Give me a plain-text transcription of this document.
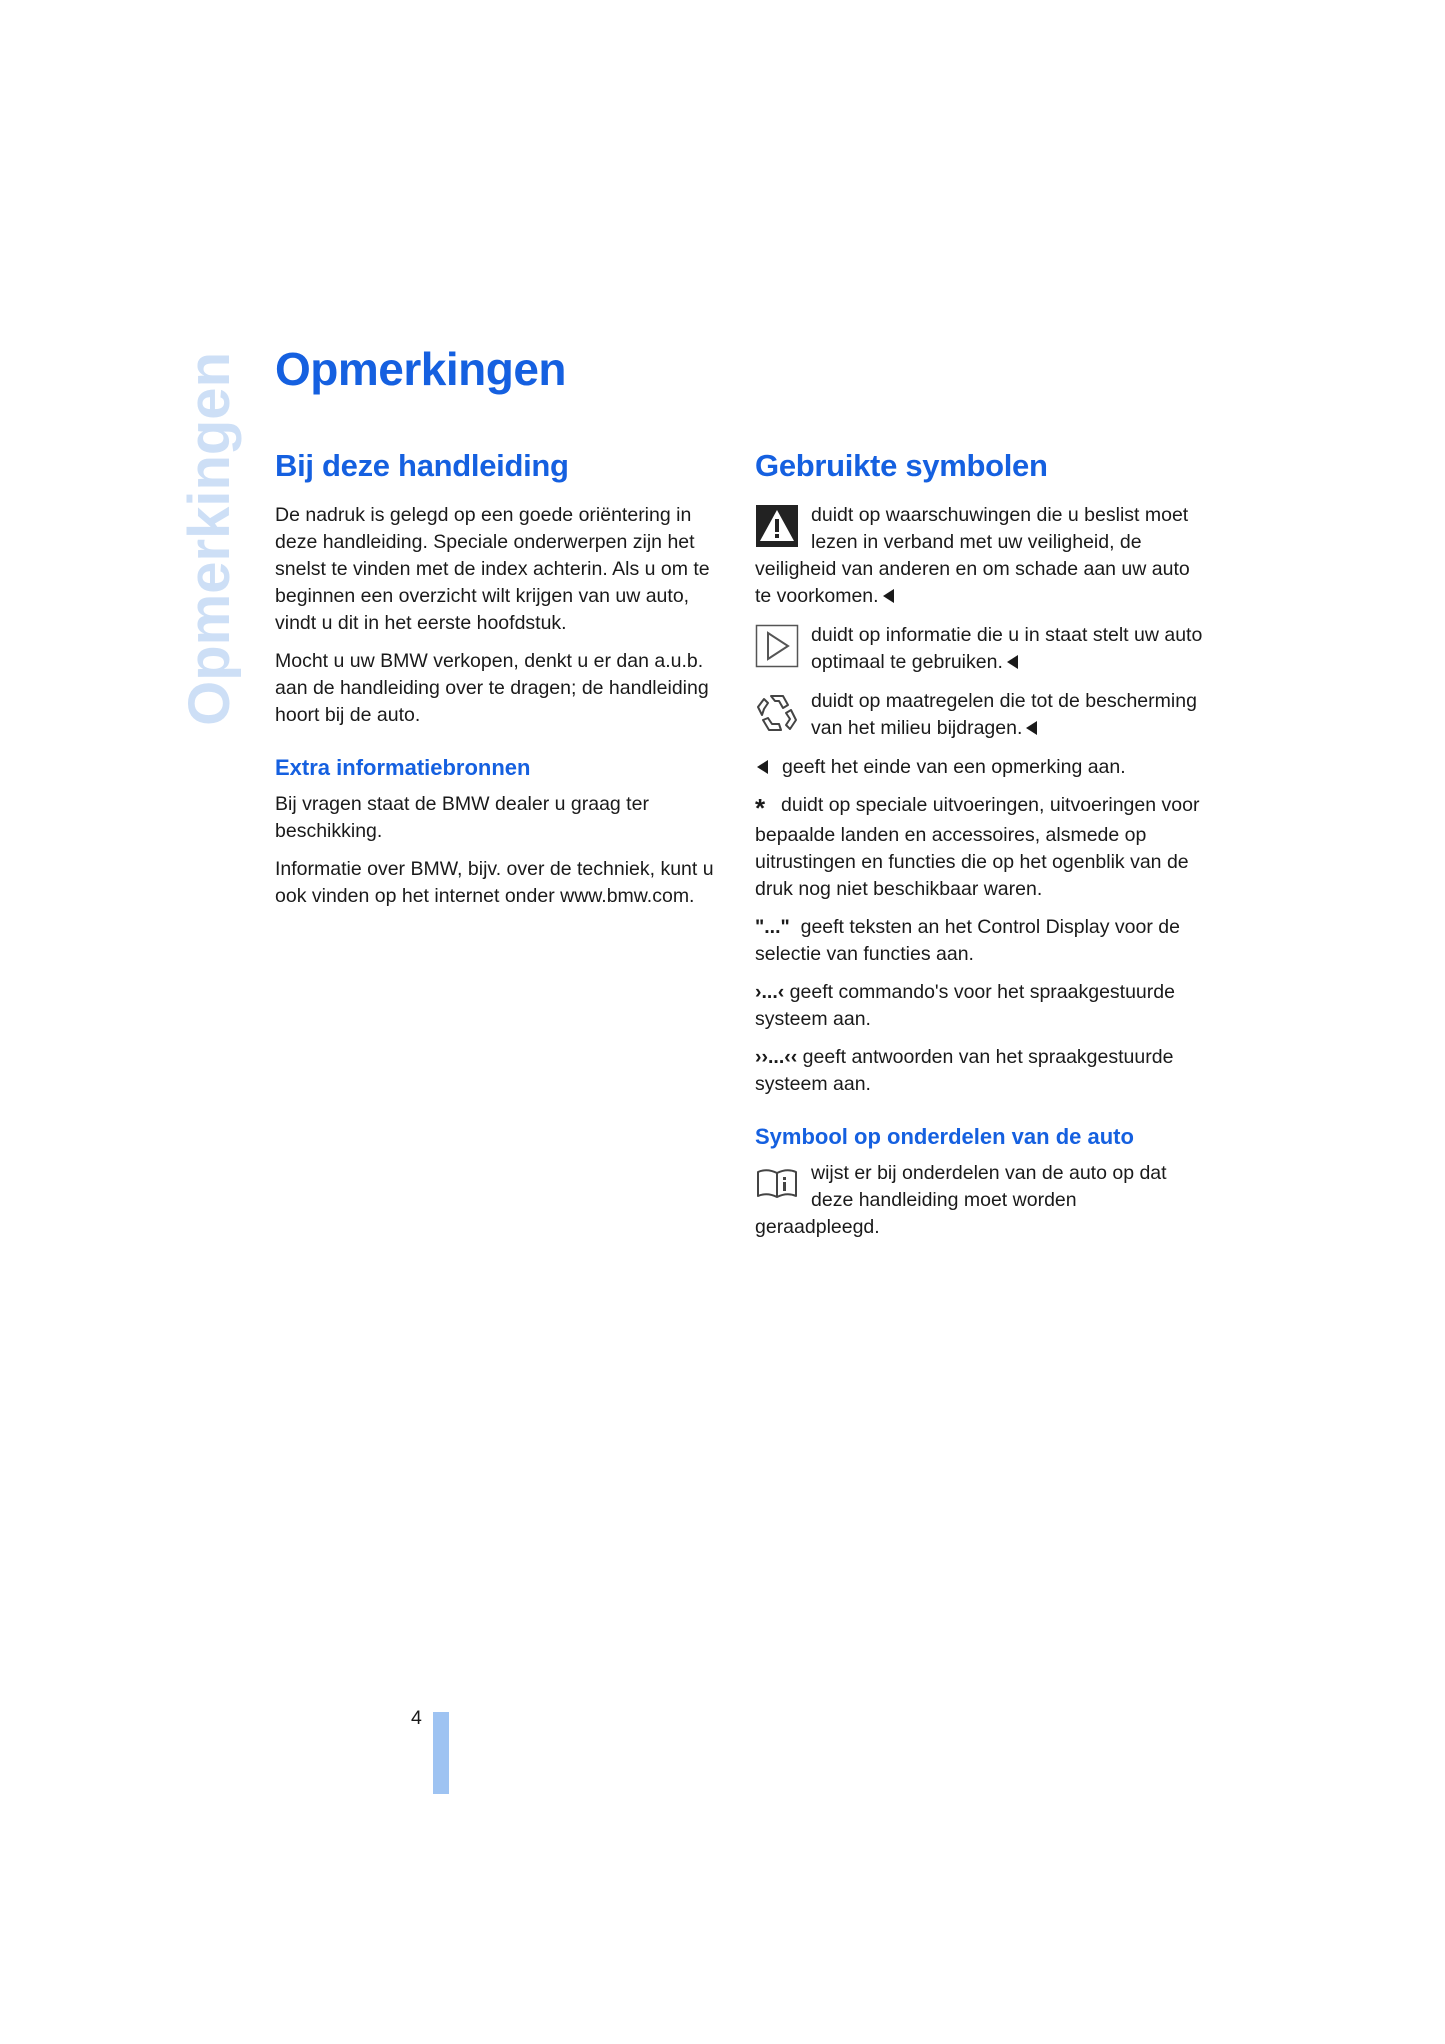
Opmerkingen Opmerkingen
Bij deze handleiding

De nadruk is gelegd op een goede oriëntering in deze handleiding. Speciale onderwerpen zijn het snelst te vinden met de index achterin. Als u om te beginnen een overzicht wilt krijgen van uw auto, vindt u dit in het eerste hoofdstuk.

Mocht u uw BMW verkopen, denkt u er dan a.u.b. aan de handleiding over te dragen; de handleiding hoort bij de auto.

Extra informatiebronnen

Bij vragen staat de BMW dealer u graag ter beschikking.

Informatie over BMW, bijv. over de techniek, kunt u ook vinden op het internet onder www.bmw.com.

Gebruikte symbolen
duidt op waarschuwingen die u beslist moet lezen in verband met uw veiligheid, de veiligheid van anderen en om schade aan uw auto te voorkomen.
duidt op informatie die u in staat stelt uw auto optimaal te gebruiken.
duidt op maatregelen die tot de bescherming van het milieu bijdragen.

geeft het einde van een opmerking aan.

* duidt op speciale uitvoeringen, uitvoeringen voor bepaalde landen en accessoires, alsmede op uitrustingen en functies die op het ogenblik van de druk nog niet beschikbaar waren.

"..." geeft teksten an het Control Display voor de selectie van functies aan.

›...‹ geeft commando's voor het spraakgestuurde systeem aan.

››...‹‹ geeft antwoorden van het spraakgestuurde systeem aan.

Symbool op onderdelen van de auto
wijst er bij onderdelen van de auto op dat deze handleiding moet worden geraadpleegd.
4
